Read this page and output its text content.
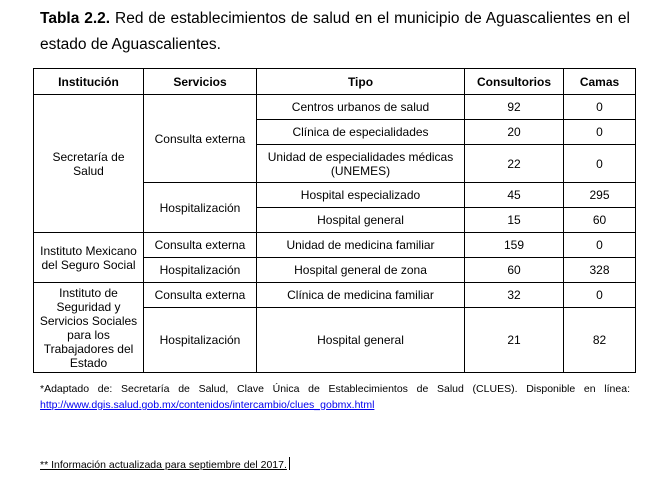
Tabla 2.2. Red de establecimientos de salud en el municipio de Aguascalientes en el estado de Aguascalientes.
Institución	Servicios	Tipo	Consultorios	Camas
Secretaría de Salud	Consulta externa	Centros urbanos de salud	92	0
		Clínica de especialidades	20	0
		Unidad de especialidades médicas (UNEMES)	22	0
	Hospitalización	Hospital especializado	45	295
		Hospital general	15	60
Instituto Mexicano del Seguro Social	Consulta externa	Unidad de medicina familiar	159	0
	Hospitalización	Hospital general de zona	60	328
Instituto de Seguridad y Servicios Sociales para los Trabajadores del Estado	Consulta externa	Clínica de medicina familiar	32	0
	Hospitalización	Hospital general	21	82
*Adaptado de: Secretaría de Salud, Clave Única de Establecimientos de Salud (CLUES). Disponible en línea: http://www.dgis.salud.gob.mx/contenidos/intercambio/clues_gobmx.html
** Información actualizada para septiembre del 2017.
